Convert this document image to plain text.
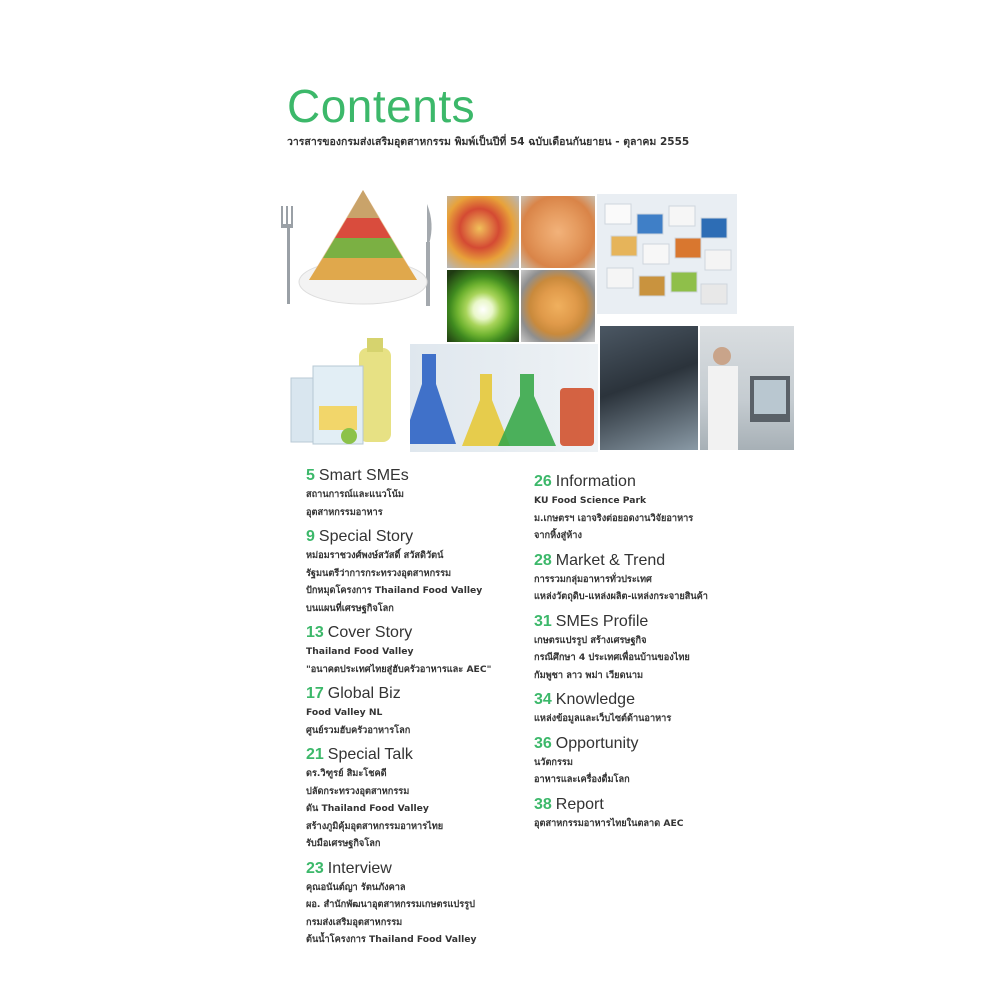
Contents
วารสารของกรมส่งเสริมอุตสาหกรรม พิมพ์เป็นปีที่ 54 ฉบับเดือนกันยายน - ตุลาคม 2555
5 Smart SMEs
สถานการณ์และแนวโน้ม
อุตสาหกรรมอาหาร
9 Special Story
หม่อมราชวงศ์พงษ์สวัสดิ์ สวัสดิวัตน์
รัฐมนตรีว่าการกระทรวงอุตสาหกรรม
ปักหมุดโครงการ Thailand Food Valley
บนแผนที่เศรษฐกิจโลก
13 Cover Story
Thailand Food Valley
"อนาคตประเทศไทยสู่ฮับครัวอาหารและ AEC"
17 Global Biz
Food Valley NL
ศูนย์รวมฮับครัวอาหารโลก
21 Special Talk
ดร.วิฑูรย์ สิมะโชคดี
ปลัดกระทรวงอุตสาหกรรม
ดัน Thailand Food Valley
สร้างภูมิคุ้มอุตสาหกรรมอาหารไทย
รับมือเศรษฐกิจโลก
23 Interview
คุณอนันต์ญา รัตนภังคาล
ผอ. สำนักพัฒนาอุตสาหกรรมเกษตรแปรรูป
กรมส่งเสริมอุตสาหกรรม
ต้นน้ำโครงการ Thailand Food Valley
26 Information
KU Food Science Park
ม.เกษตรฯ เอาจริงต่อยอดงานวิจัยอาหาร
จากหิ้งสู่ห้าง
28 Market & Trend
การรวมกลุ่มอาหารทั่วประเทศ
แหล่งวัตถุดิบ-แหล่งผลิต-แหล่งกระจายสินค้า
31 SMEs Profile
เกษตรแปรรูป สร้างเศรษฐกิจ
กรณีศึกษา 4 ประเทศเพื่อนบ้านของไทย
กัมพูชา ลาว พม่า เวียดนาม
34 Knowledge
แหล่งข้อมูลและเว็บไซต์ด้านอาหาร
36 Opportunity
นวัตกรรม
อาหารและเครื่องดื่มโลก
38 Report
อุตสาหกรรมอาหารไทยในตลาด AEC
